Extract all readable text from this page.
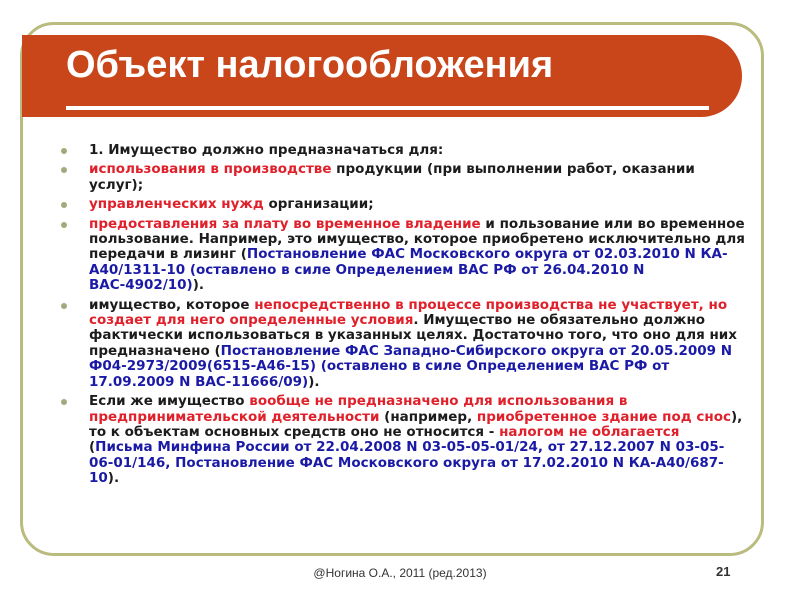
Объект налогообложения
1. Имущество должно предназначаться для:
использования в производстве продукции (при выполнении работ, оказании услуг);
управленческих нужд организации;
предоставления за плату во временное владение и пользование или во временное пользование. Например, это имущество, которое приобретено исключительно для передачи в лизинг (Постановление ФАС Московского округа от 02.03.2010 N КА-А40/1311-10 (оставлено в силе Определением ВАС РФ от 26.04.2010 N ВАС-4902/10)).
имущество, которое непосредственно в процессе производства не участвует, но создает для него определенные условия. Имущество не обязательно должно фактически использоваться в указанных целях. Достаточно того, что оно для них предназначено (Постановление ФАС Западно-Сибирского округа от 20.05.2009 N Ф04-2973/2009(6515-А46-15) (оставлено в силе Определением ВАС РФ от 17.09.2009 N ВАС-11666/09)).
Если же имущество вообще не предназначено для использования в предпринимательской деятельности (например, приобретенное здание под снос), то к объектам основных средств оно не относится - налогом не облагается (Письма Минфина России от 22.04.2008 N 03-05-05-01/24, от 27.12.2007 N 03-05-06-01/146, Постановление ФАС Московского округа от 17.02.2010 N КА-А40/687-10).
@Ногина О.А., 2011 (ред.2013)	21
